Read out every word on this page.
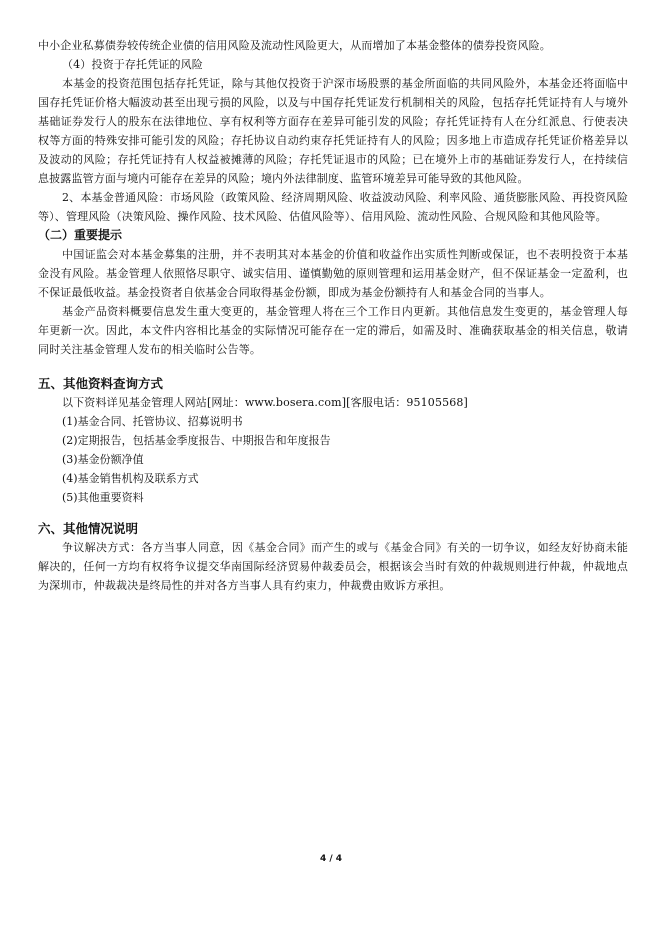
中小企业私募债券较传统企业债的信用风险及流动性风险更大，从而增加了本基金整体的债券投资风险。

（4）投资于存托凭证的风险

本基金的投资范围包括存托凭证，除与其他仅投资于沪深市场股票的基金所面临的共同风险外，本基金还将面临中国存托凭证价格大幅波动甚至出现亏损的风险，以及与中国存托凭证发行机制相关的风险，包括存托凭证持有人与境外基础证券发行人的股东在法律地位、享有权利等方面存在差异可能引发的风险；存托凭证持有人在分红派息、行使表决权等方面的特殊安排可能引发的风险；存托协议自动约束存托凭证持有人的风险；因多地上市造成存托凭证价格差异以及波动的风险；存托凭证持有人权益被摊薄的风险；存托凭证退市的风险；已在境外上市的基础证券发行人，在持续信息披露监管方面与境内可能存在差异的风险；境内外法律制度、监管环境差异可能导致的其他风险。

2、本基金普通风险：市场风险（政策风险、经济周期风险、收益波动风险、利率风险、通货膨胀风险、再投资风险等）、管理风险（决策风险、操作风险、技术风险、估值风险等）、信用风险、流动性风险、合规风险和其他风险等。

（二）重要提示

中国证监会对本基金募集的注册，并不表明其对本基金的价值和收益作出实质性判断或保证，也不表明投资于本基金没有风险。基金管理人依照恪尽职守、诚实信用、谨慎勤勉的原则管理和运用基金财产，但不保证基金一定盈利，也不保证最低收益。基金投资者自依基金合同取得基金份额，即成为基金份额持有人和基金合同的当事人。

基金产品资料概要信息发生重大变更的，基金管理人将在三个工作日内更新。其他信息发生变更的，基金管理人每年更新一次。因此，本文件内容相比基金的实际情况可能存在一定的滞后，如需及时、准确获取基金的相关信息，敬请同时关注基金管理人发布的相关临时公告等。

五、其他资料查询方式

以下资料详见基金管理人网站[网址：www.bosera.com][客服电话：95105568]

(1)基金合同、托管协议、招募说明书

(2)定期报告，包括基金季度报告、中期报告和年度报告

(3)基金份额净值

(4)基金销售机构及联系方式

(5)其他重要资料

六、其他情况说明

争议解决方式：各方当事人同意，因《基金合同》而产生的或与《基金合同》有关的一切争议，如经友好协商未能解决的，任何一方均有权将争议提交华南国际经济贸易仲裁委员会，根据该会当时有效的仲裁规则进行仲裁，仲裁地点为深圳市，仲裁裁决是终局性的并对各方当事人具有约束力，仲裁费由败诉方承担。

4 / 4
